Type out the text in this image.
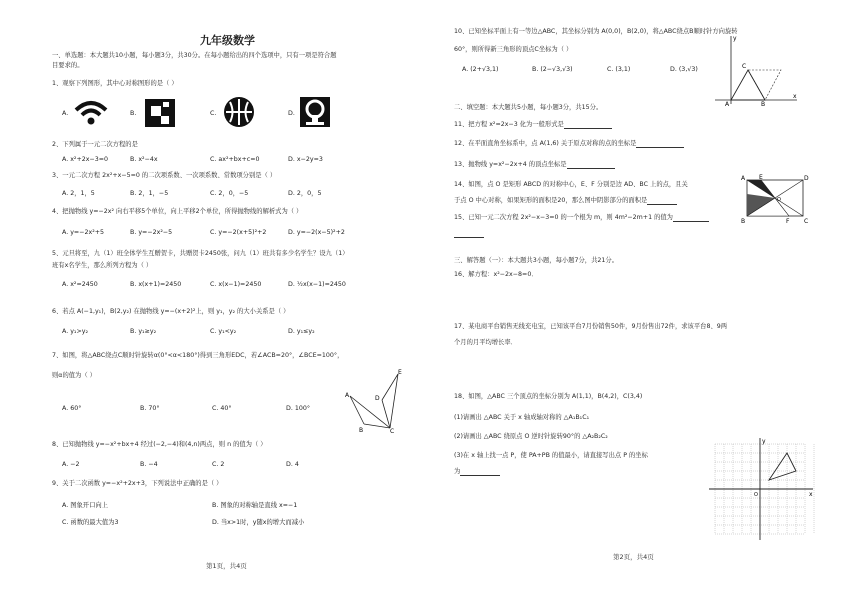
九年级数学
一、单选题：本大题共10小题，每小题3分，共30分。在每小题给出的四个选项中，只有一项是符合题
目要求的。
1、观察下列图形，其中心对称图形的是（ ）
A.	B.	C.	D.
2、下列属于一元二次方程的是
A. x²+2x−3=0	B. x²−4x	C. ax²+bx+c=0	D. x−2y=3
3、一元二次方程 2x²+x−5=0 的二次项系数、一次项系数、常数项分别是（ ）
A. 2，1，5	B. 2，1，−5	C. 2，0，−5	D. 2，0，5
4、把抛物线 y=−2x² 向右平移5个单位，向上平移2个单位，所得抛物线的解析式为（ ）
A. y=−2x²+5	B. y=−2x²−5	C. y=−2(x+5)²+2	D. y=−2(x−5)²+2
5、元旦将至，九（1）班全体学生互赠贺卡，共赠贺卡2450张，问九（1）班共有多少名学生？设九（1）
班有x名学生，那么所列方程为（ ）
A. x²=2450	B. x(x+1)=2450	C. x(x−1)=2450	D. ½x(x−1)=2450
6、若点 A(−1,y₁)，B(2,y₂) 在抛物线 y=−(x+2)²上，则 y₁，y₂ 的大小关系是（ ）
A. y₁>y₂	B. y₁≥y₂	C. y₁<y₂	D. y₁≤y₂
7、如图，将△ABC绕点C顺时针旋转α(0°<α<180°)得到三角形EDC，若∠ACB=20°，∠BCE=100°，
则α的值为（ ）
A. 60°	B. 70°	C. 40°	D. 100°
A
B	C
D
E
8、已知抛物线 y=−x²+bx+4 经过(−2,−4)和(4,n)两点，则 n 的值为（ ）
A. −2	B. −4	C. 2	D. 4
9、关于二次函数 y=−x²+2x+3，下列说法中正确的是（ ）
A. 图象开口向上	B. 图象的对称轴是直线 x=−1
C. 函数的最大值为3	D. 当x>1时，y随x的增大而减小
第1页，共4页
10、已知坐标平面上有一等边△ABC，其坐标分别为 A(0,0)，B(2,0)，将△ABC绕点B顺时针方向旋转
60°，则所得新三角形的顶点C坐标为（ ）
A. (2+√3,1)	B. (2−√3,√3)	C. (3,1)	D. (3,√3)
y
C
A	B
x
二、填空题：本大题共5小题，每小题3分，共15分。
11、把方程 x²=2x−3 化为一般形式是
12、在平面直角坐标系中，点 A(1,6) 关于原点对称的点的坐标是
13、抛物线 y=x²−2x+4 的顶点坐标是
14、如图，点 O 是矩形 ABCD 的对称中心，E、F 分别是边 AD、BC 上的点，且关
于点 O 中心对称，如果矩形的面积是20，那么图中阴影部分的面积是
A E	D
B	F C
O
15、已知一元二次方程 2x²−x−3=0 的一个根为 m，则 4m²−2m+1 的值为
三、解答题（一）：本大题共3小题，每小题7分，共21分。
16、解方程：x²−2x−8=0．
17、某电商平台销售无线充电宝，已知该平台7月份销售50件，9月份售出72件，求该平台8、9两
个月的月平均增长率．
18、如图，△ABC 三个顶点的坐标分别为 A(1,1)，B(4,2)，C(3,4)
(1)请画出 △ABC 关于 x 轴成轴对称的 △A₁B₁C₁
(2)请画出 △ABC 绕原点 O 逆时针旋转90°的 △A₂B₂C₂
(3)在 x 轴上找一点 P，使 PA+PB 的值最小，请直接写出点 P 的坐标
为
y
x
O
第2页，共4页
